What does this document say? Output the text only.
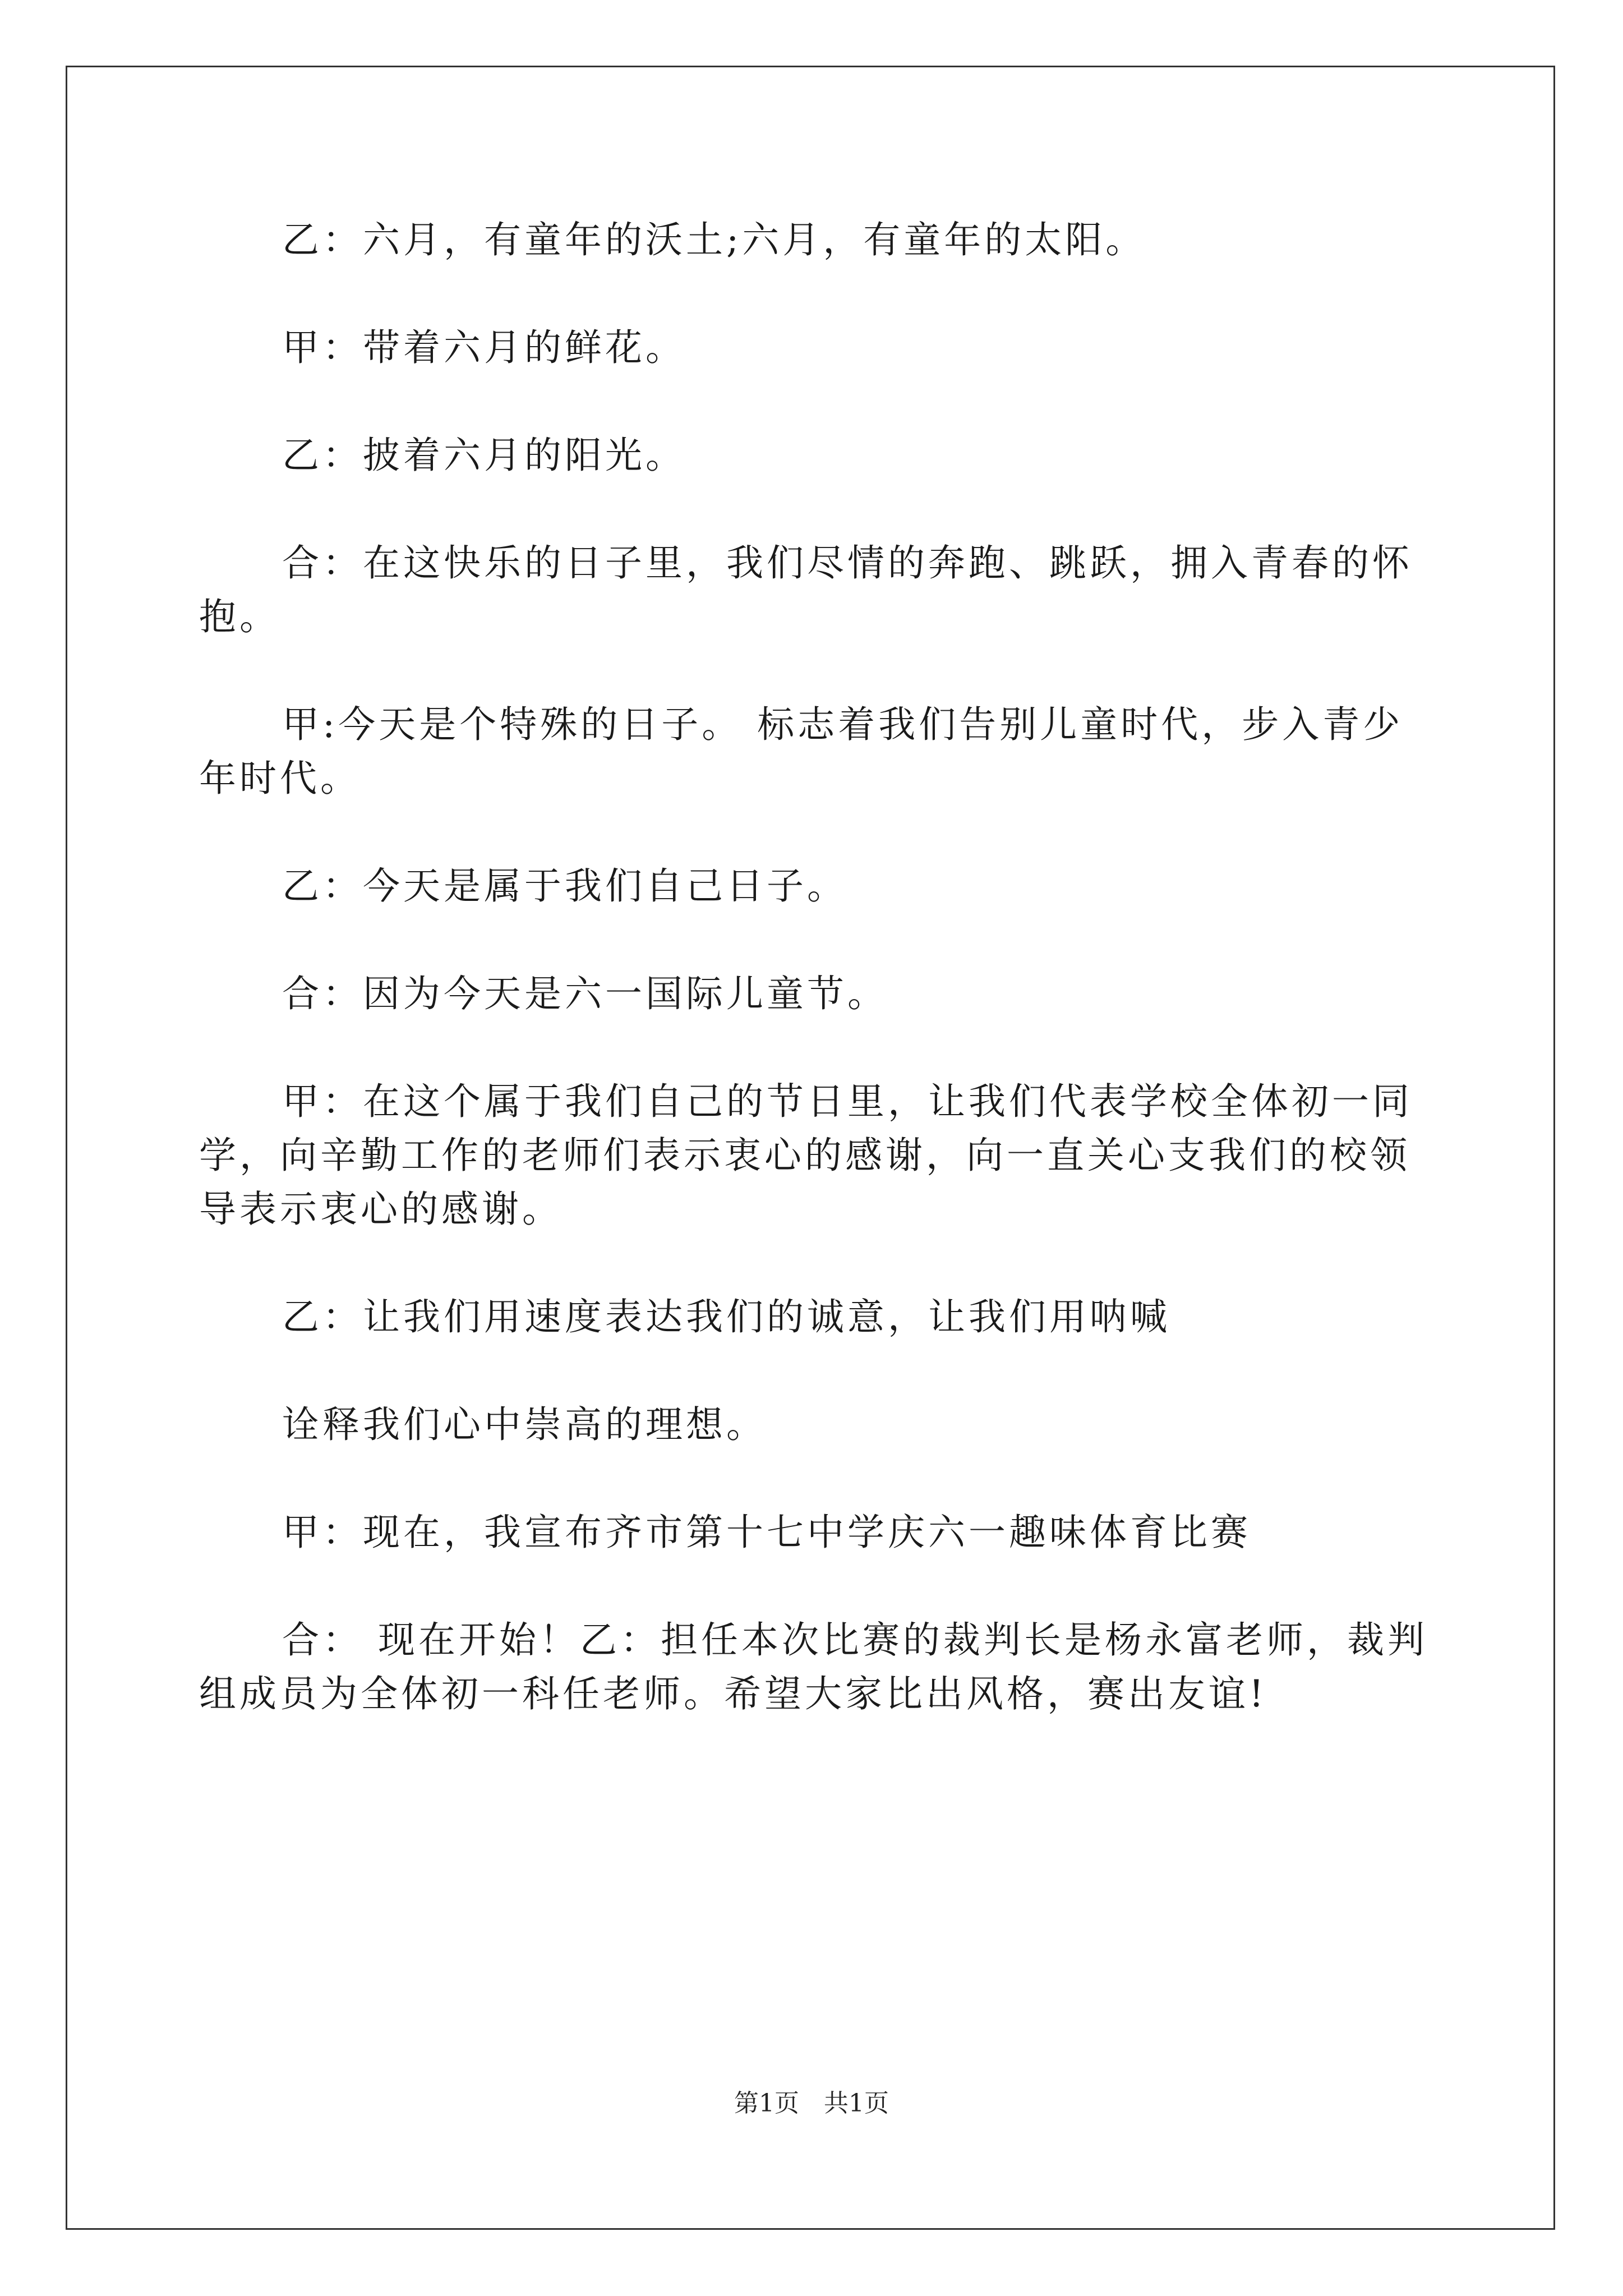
乙：六月，有童年的沃土;六月，有童年的太阳。

甲：带着六月的鲜花。

乙：披着六月的阳光。

合：在这快乐的日子里，我们尽情的奔跑、跳跃，拥入青春的怀抱。

甲:今天是个特殊的日子。 标志着我们告别儿童时代，步入青少年时代。

乙：今天是属于我们自己日子。

合：因为今天是六一国际儿童节。

甲：在这个属于我们自己的节日里，让我们代表学校全体初一同学，向辛勤工作的老师们表示衷心的感谢，向一直关心支我们的校领导表示衷心的感谢。

乙：让我们用速度表达我们的诚意，让我们用呐喊

诠释我们心中崇高的理想。

甲：现在，我宣布齐市第十七中学庆六一趣味体育比赛

合： 现在开始！乙：担任本次比赛的裁判长是杨永富老师，裁判组成员为全体初一科任老师。希望大家比出风格，赛出友谊!

第1页　共1页
